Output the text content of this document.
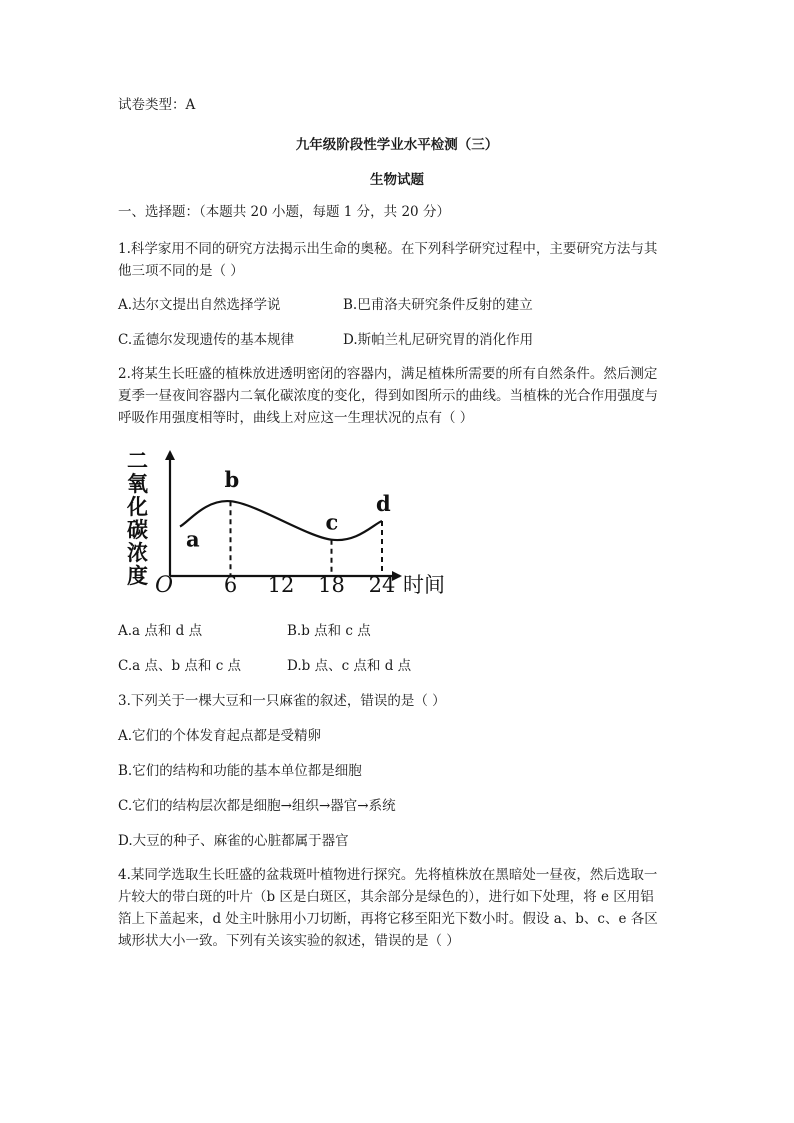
试卷类型：A
九年级阶段性学业水平检测（三）
生物试题
一、选择题：（本题共 20 小题，每题 1 分，共 20 分）
1.科学家用不同的研究方法揭示出生命的奥秘。在下列科学研究过程中，主要研究方法与其
他三项不同的是（ ）
A.达尔文提出自然选择学说	B.巴甫洛夫研究条件反射的建立
C.孟德尔发现遗传的基本规律	D.斯帕兰札尼研究胃的消化作用
2.将某生长旺盛的植株放进透明密闭的容器内，满足植株所需要的所有自然条件。然后测定
夏季一昼夜间容器内二氧化碳浓度的变化，得到如图所示的曲线。当植株的光合作用强度与
呼吸作用强度相等时，曲线上对应这一生理状况的点有（ ）
二
氧
化
碳
浓
度	6 12 18 24
a
b
c
d
O	时间
A.a 点和 d 点	B.b 点和 c 点
C.a 点、b 点和 c 点	D.b 点、c 点和 d 点
3.下列关于一棵大豆和一只麻雀的叙述，错误的是（ ）
A.它们的个体发育起点都是受精卵
B.它们的结构和功能的基本单位都是细胞
C.它们的结构层次都是细胞→组织→器官→系统
D.大豆的种子、麻雀的心脏都属于器官
4.某同学选取生长旺盛的盆栽斑叶植物进行探究。先将植株放在黑暗处一昼夜，然后选取一
片较大的带白斑的叶片（b 区是白斑区，其余部分是绿色的），进行如下处理，将 e 区用铝
箔上下盖起来，d 处主叶脉用小刀切断，再将它移至阳光下数小时。假设 a、b、c、e 各区
域形状大小一致。下列有关该实验的叙述，错误的是（ ）
